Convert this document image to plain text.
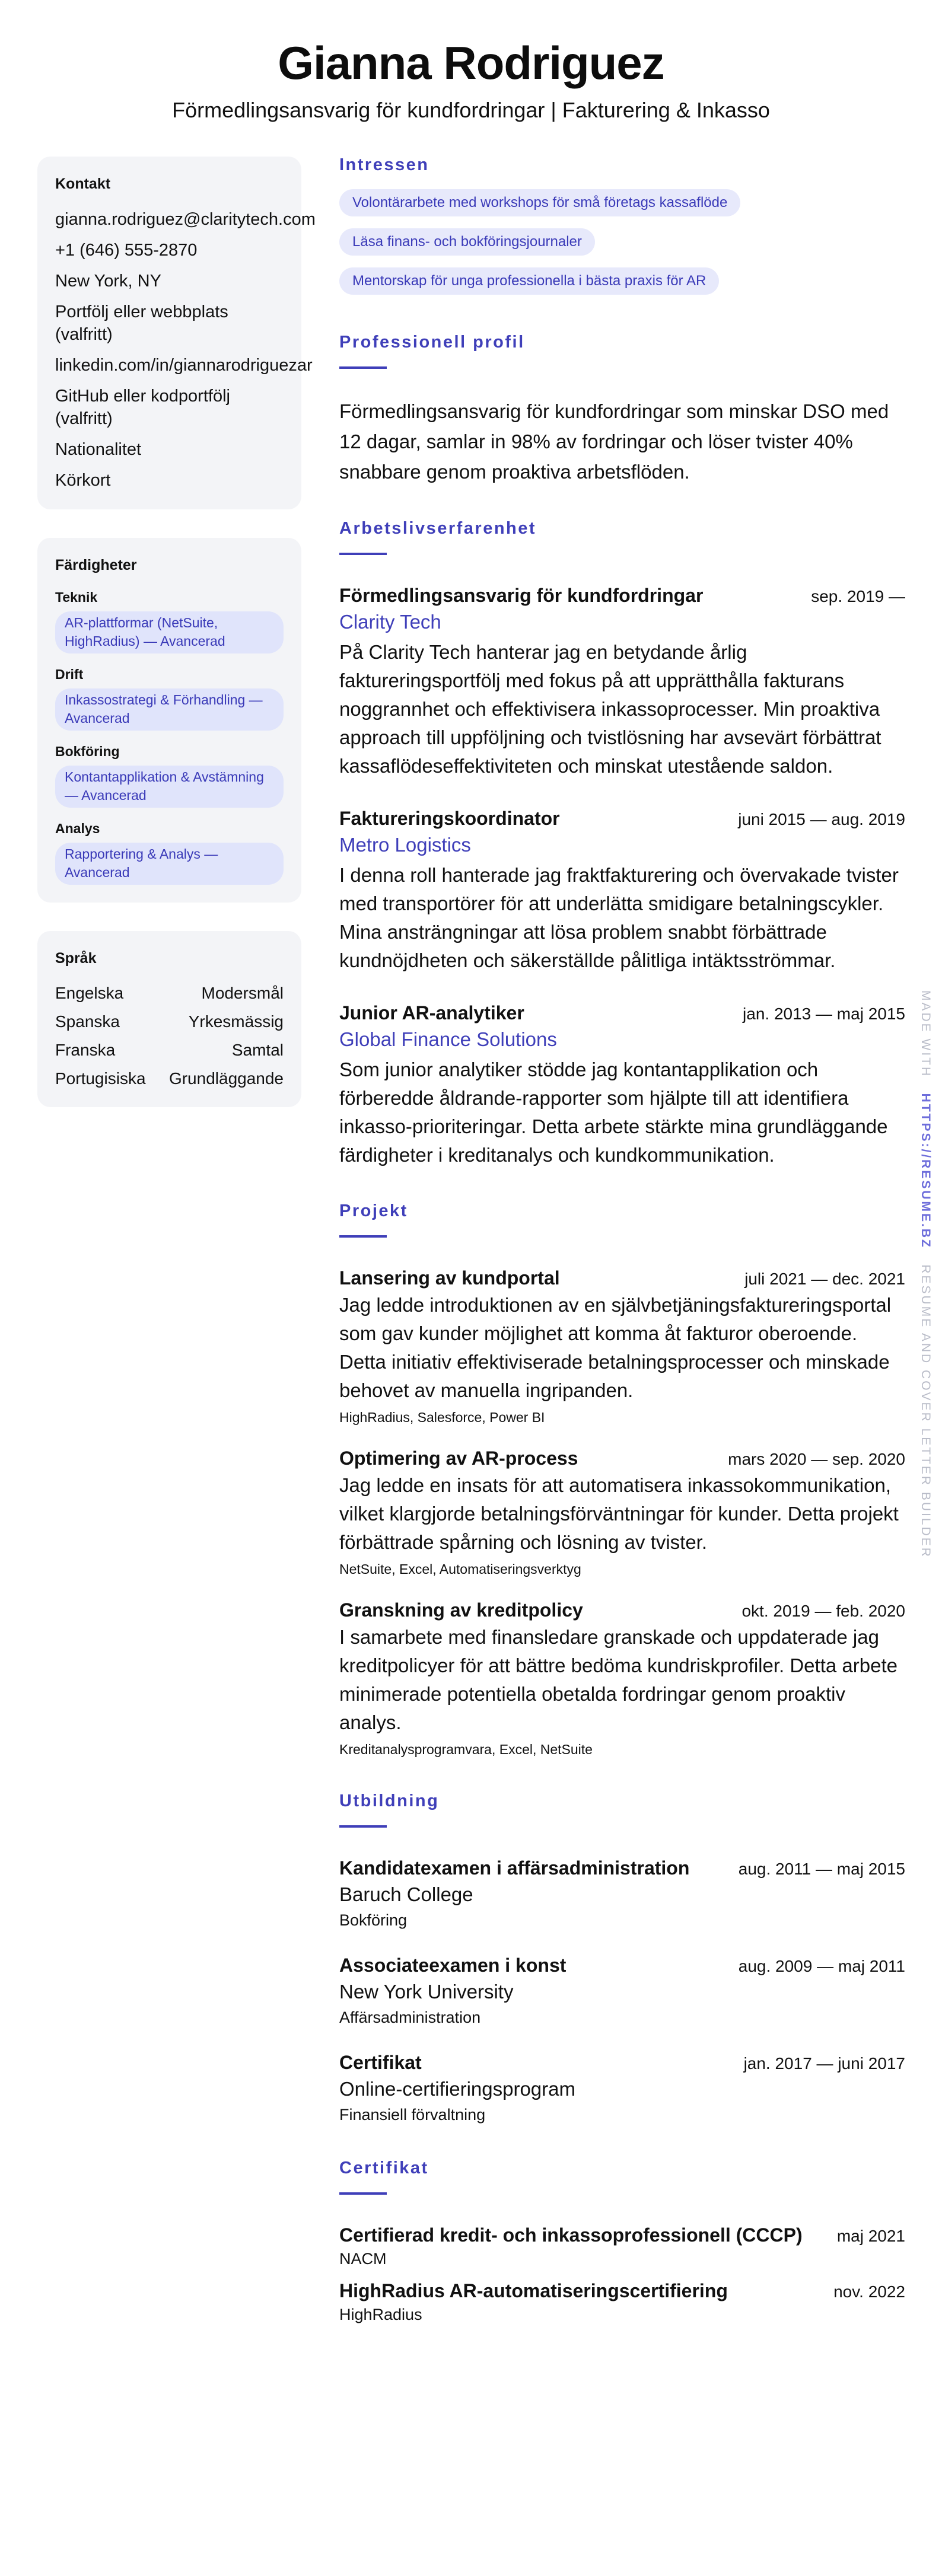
Gianna Rodriguez
Förmedlingsansvarig för kundfordringar | Fakturering & Inkasso
Kontakt
gianna.rodriguez@claritytech.com
+1 (646) 555-2870
New York, NY
Portfölj eller webbplats (valfritt)
linkedin.com/in/giannarodriguezar
GitHub eller kodportfölj (valfritt)
Nationalitet
Körkort
Färdigheter
Teknik
AR-plattformar (NetSuite, HighRadius) — Avancerad
Drift
Inkassostrategi & Förhandling — Avancerad
Bokföring
Kontantapplikation & Avstämning — Avancerad
Analys
Rapportering & Analys — Avancerad
Språk
Engelska	Modersmål
Spanska	Yrkesmässig
Franska	Samtal
Portugisiska Grundläggande
Intressen
Volontärarbete med workshops för små företags kassaflöde
Läsa finans- och bokföringsjournaler
Mentorskap för unga professionella i bästa praxis för AR
Professionell profil
Förmedlingsansvarig för kundfordringar som minskar DSO med 12 dagar, samlar in 98% av fordringar och löser tvister 40% snabbare genom proaktiva arbetsflöden.
Arbetslivserfarenhet
Förmedlingsansvarig för kundfordringar	sep. 2019 —
Clarity Tech
På Clarity Tech hanterar jag en betydande årlig faktureringsportfölj med fokus på att upprätthålla fakturans noggrannhet och effektivisera inkassoprocesser. Min proaktiva approach till uppföljning och tvistlösning har avsevärt förbättrat kassaflödeseffektiviteten och minskat utestående saldon.
Faktureringskoordinator	juni 2015 — aug. 2019
Metro Logistics
I denna roll hanterade jag fraktfakturering och övervakade tvister med transportörer för att underlätta smidigare betalningscykler. Mina ansträngningar att lösa problem snabbt förbättrade kundnöjdheten och säkerställde pålitliga intäktsströmmar.
Junior AR-analytiker	jan. 2013 — maj 2015
Global Finance Solutions
Som junior analytiker stödde jag kontantapplikation och förberedde åldrande-rapporter som hjälpte till att identifiera inkasso-prioriteringar. Detta arbete stärkte mina grundläggande färdigheter i kreditanalys och kundkommunikation.
Projekt
Lansering av kundportal	juli 2021 — dec. 2021
Jag ledde introduktionen av en självbetjäningsfaktureringsportal som gav kunder möjlighet att komma åt fakturor oberoende. Detta initiativ effektiviserade betalningsprocesser och minskade behovet av manuella ingripanden.
HighRadius, Salesforce, Power BI
Optimering av AR-process	mars 2020 — sep. 2020
Jag ledde en insats för att automatisera inkassokommunikation, vilket klargjorde betalningsförväntningar för kunder. Detta projekt förbättrade spårning och lösning av tvister.
NetSuite, Excel, Automatiseringsverktyg
Granskning av kreditpolicy	okt. 2019 — feb. 2020
I samarbete med finansledare granskade och uppdaterade jag kreditpolicyer för att bättre bedöma kundriskprofiler. Detta arbete minimerade potentiella obetalda fordringar genom proaktiv analys.
Kreditanalysprogramvara, Excel, NetSuite
Utbildning
Kandidatexamen i affärsadministration	aug. 2011 — maj 2015
Baruch College
Bokföring
Associateexamen i konst	aug. 2009 — maj 2011
New York University
Affärsadministration
Certifikat	jan. 2017 — juni 2017
Online-certifieringsprogram
Finansiell förvaltning
Certifikat
Certifierad kredit- och inkassoprofessionell (CCCP) maj 2021
NACM
HighRadius AR-automatiseringscertifiering	nov. 2022
HighRadius
MADE WITH   HTTPS://RESUME.BZ   RESUME AND COVER LETTER BUILDER
